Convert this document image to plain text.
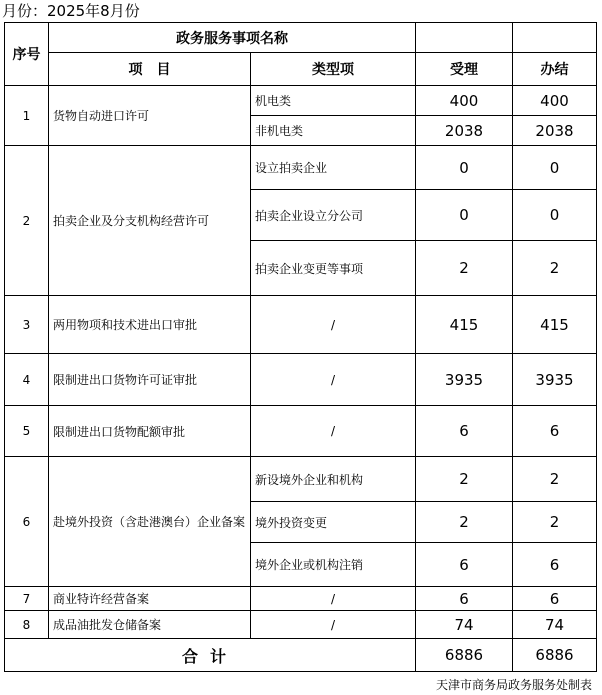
月份：2025年8月份
序号	政务服务事项名称			
	项　目	类型项	受理	办结
1	货物自动进口许可	机电类	400	400
		非机电类	2038	2038
2	拍卖企业及分支机构经营许可	设立拍卖企业	0	0
		拍卖企业设立分公司	0	0
		拍卖企业变更等事项	2	2
3	两用物项和技术进出口审批	/	415	415
4	限制进出口货物许可证审批	/	3935	3935
5	限制进出口货物配额审批	/	6	6
6	赴境外投资（含赴港澳台）企业备案	新设境外企业和机构	2	2
		境外投资变更	2	2
		境外企业或机构注销	6	6
7	商业特许经营备案	/	6	6
8	成品油批发仓储备案	/	74	74
合计			6886	6886
天津市商务局政务服务处制表
